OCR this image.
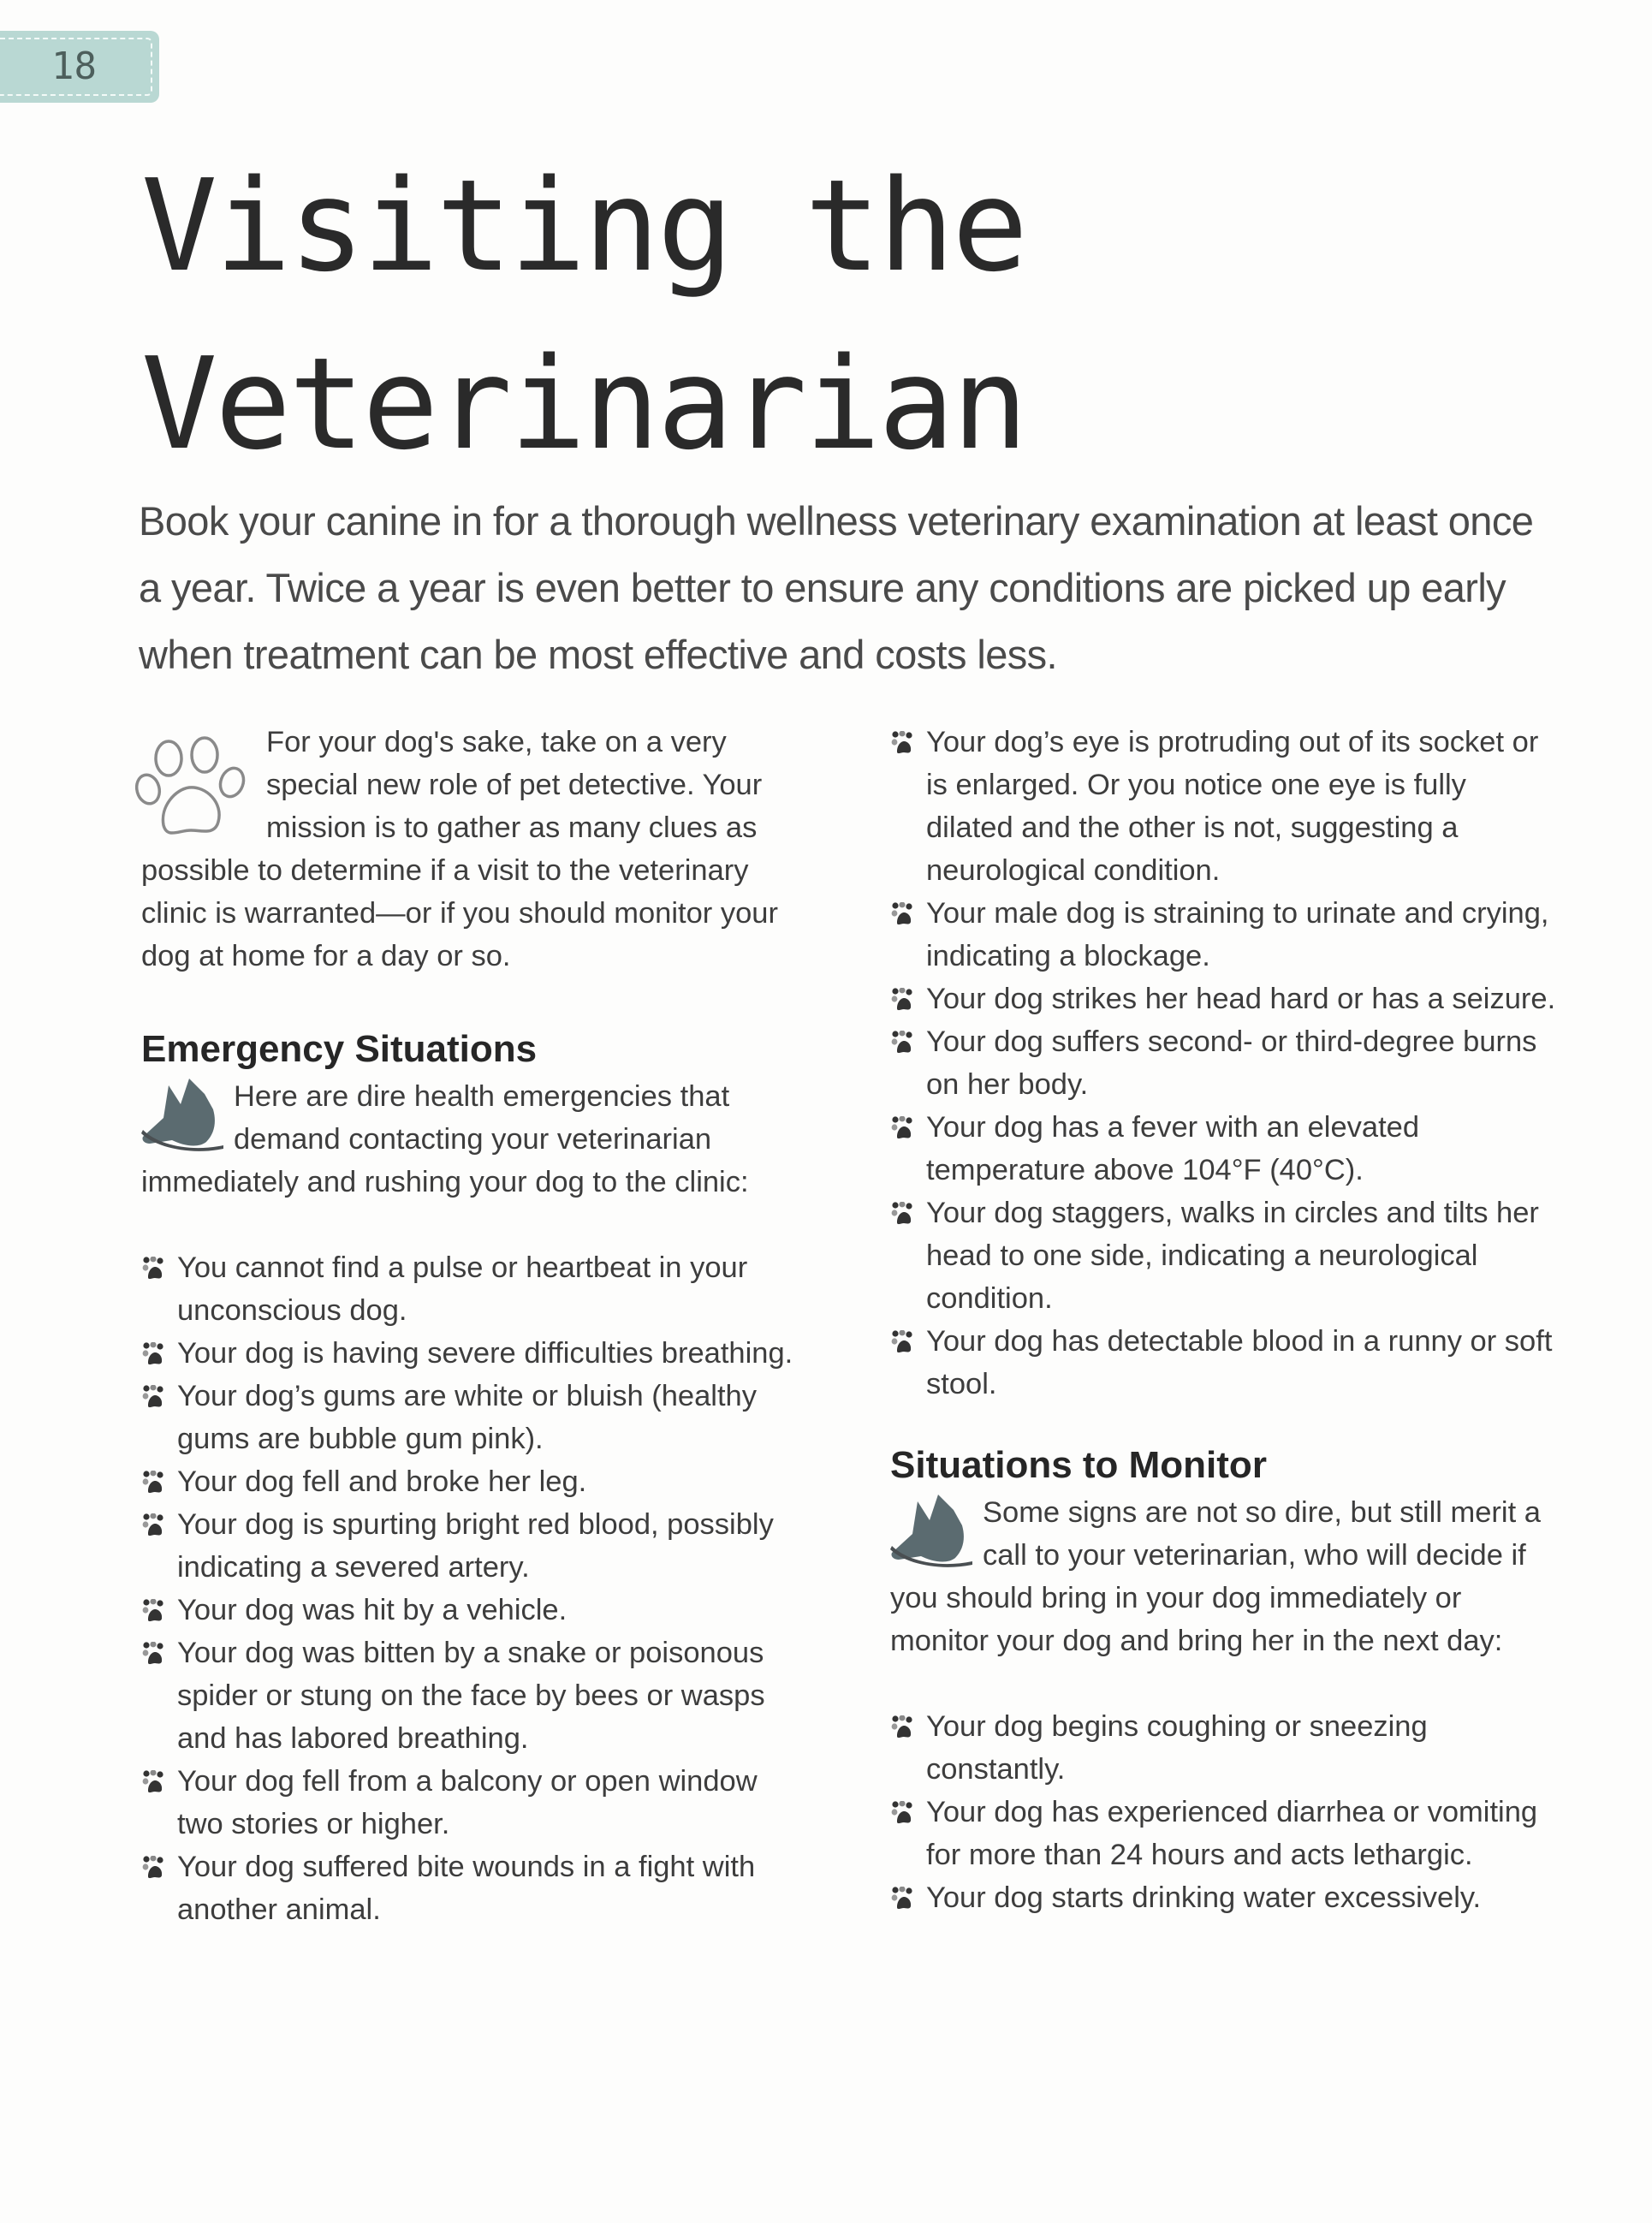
18
Visiting the
Veterinarian

Book your canine in for a thorough wellness veterinary examination at least once a year. Twice a year is even better to ensure any conditions are picked up early when treatment can be most effective and costs less.

For your dog's sake, take on a very special new role of pet detective. Your mission is to gather as many clues as possible to determine if a visit to the veterinary clinic is warranted—or if you should monitor your dog at home for a day or so.

Emergency Situations

Here are dire health emergencies that demand contacting your veterinarian immediately and rushing your dog to the clinic:

You cannot find a pulse or heartbeat in your unconscious dog.
Your dog is having severe difficulties breathing.
Your dog’s gums are white or bluish (healthy gums are bubble gum pink).
Your dog fell and broke her leg.
Your dog is spurting bright red blood, possibly indicating a severed artery.
Your dog was hit by a vehicle.
Your dog was bitten by a snake or poisonous spider or stung on the face by bees or wasps and has labored breathing.
Your dog fell from a balcony or open window two stories or higher.
Your dog suffered bite wounds in a fight with another animal.
Your dog’s eye is protruding out of its socket or is enlarged. Or you notice one eye is fully dilated and the other is not, suggesting a neurological condition.
Your male dog is straining to urinate and crying, indicating a blockage.
Your dog strikes her head hard or has a seizure.
Your dog suffers second- or third-degree burns on her body.
Your dog has a fever with an elevated temperature above 104°F (40°C).
Your dog staggers, walks in circles and tilts her head to one side, indicating a neurological condition.
Your dog has detectable blood in a runny or soft stool.
Situations to Monitor

Some signs are not so dire, but still merit a call to your veterinarian, who will decide if you should bring in your dog immediately or monitor your dog and bring her in the next day:

Your dog begins coughing or sneezing constantly.
Your dog has experienced diarrhea or vomiting for more than 24 hours and acts lethargic.
Your dog starts drinking water excessively.
